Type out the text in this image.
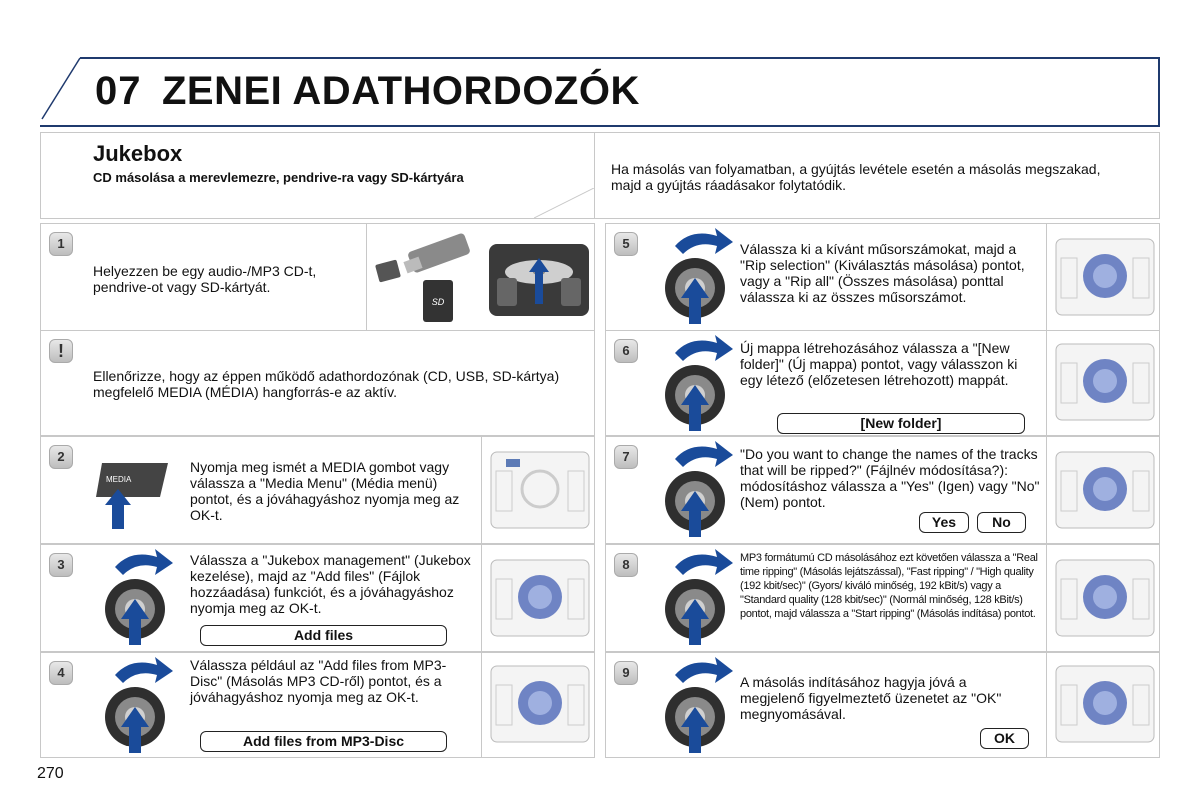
07 ZENEI ADATHORDOZÓK
Jukebox
CD másolása a merevlemezre, pendrive-ra vagy SD-kártyára

Ha másolás van folyamatban, a gyújtás levétele esetén a másolás megszakad, majd a gyújtás ráadásakor folytatódik.

1
Helyezzen be egy audio-/MP3 CD-t, pendrive-ot vagy SD-kártyát.
SD
!
Ellenőrizze, hogy az éppen működő adathordozónak (CD, USB, SD-kártya) megfelelő MEDIA (MÉDIA) hangforrás-e az aktív.
2
MEDIA
Nyomja meg ismét a MEDIA gombot vagy válassza a "Media Menu" (Média menü) pontot, és a jóváhagyáshoz nyomja meg az OK-t.
3	Válassza a "Jukebox management" (Jukebox kezelése), majd az "Add files" (Fájlok hozzáadása) funkciót, és a jóváhagyáshoz nyomja meg az OK-t.
Add files
4	Válassza például az "Add files from MP3-Disc" (Másolás MP3 CD-ről) pontot, és a jóváhagyáshoz nyomja meg az OK-t.
Add files from MP3-Disc
5	Válassza ki a kívánt műsorszámokat, majd a "Rip selection" (Kiválasztás másolása) pontot, vagy a "Rip all" (Összes másolása) ponttal válassza ki az összes műsorszámot.
6	Új mappa létrehozásához válassza a "[New folder]" (Új mappa) pontot, vagy válasszon ki egy létező (előzetesen létrehozott) mappát.
[New folder]
7	"Do you want to change the names of the tracks that will be ripped?" (Fájlnév módosítása?): módosításhoz válassza a "Yes" (Igen) vagy "No" (Nem) pontot.
Yes	No
8	MP3 formátumú CD másolásához ezt követően válassza a "Real time ripping" (Másolás lejátszással), "Fast ripping" / "High quality (192 kbit/sec)" (Gyors/ kiváló minőség, 192 kBit/s) vagy a "Standard quality (128 kbit/sec)" (Normál minőség, 128 kBit/s) pontot, majd válassza a "Start ripping" (Másolás indítása) pontot.
9
A másolás indításához hagyja jóvá a megjelenő figyelmeztető üzenetet az "OK" megnyomásával.
OK
270
